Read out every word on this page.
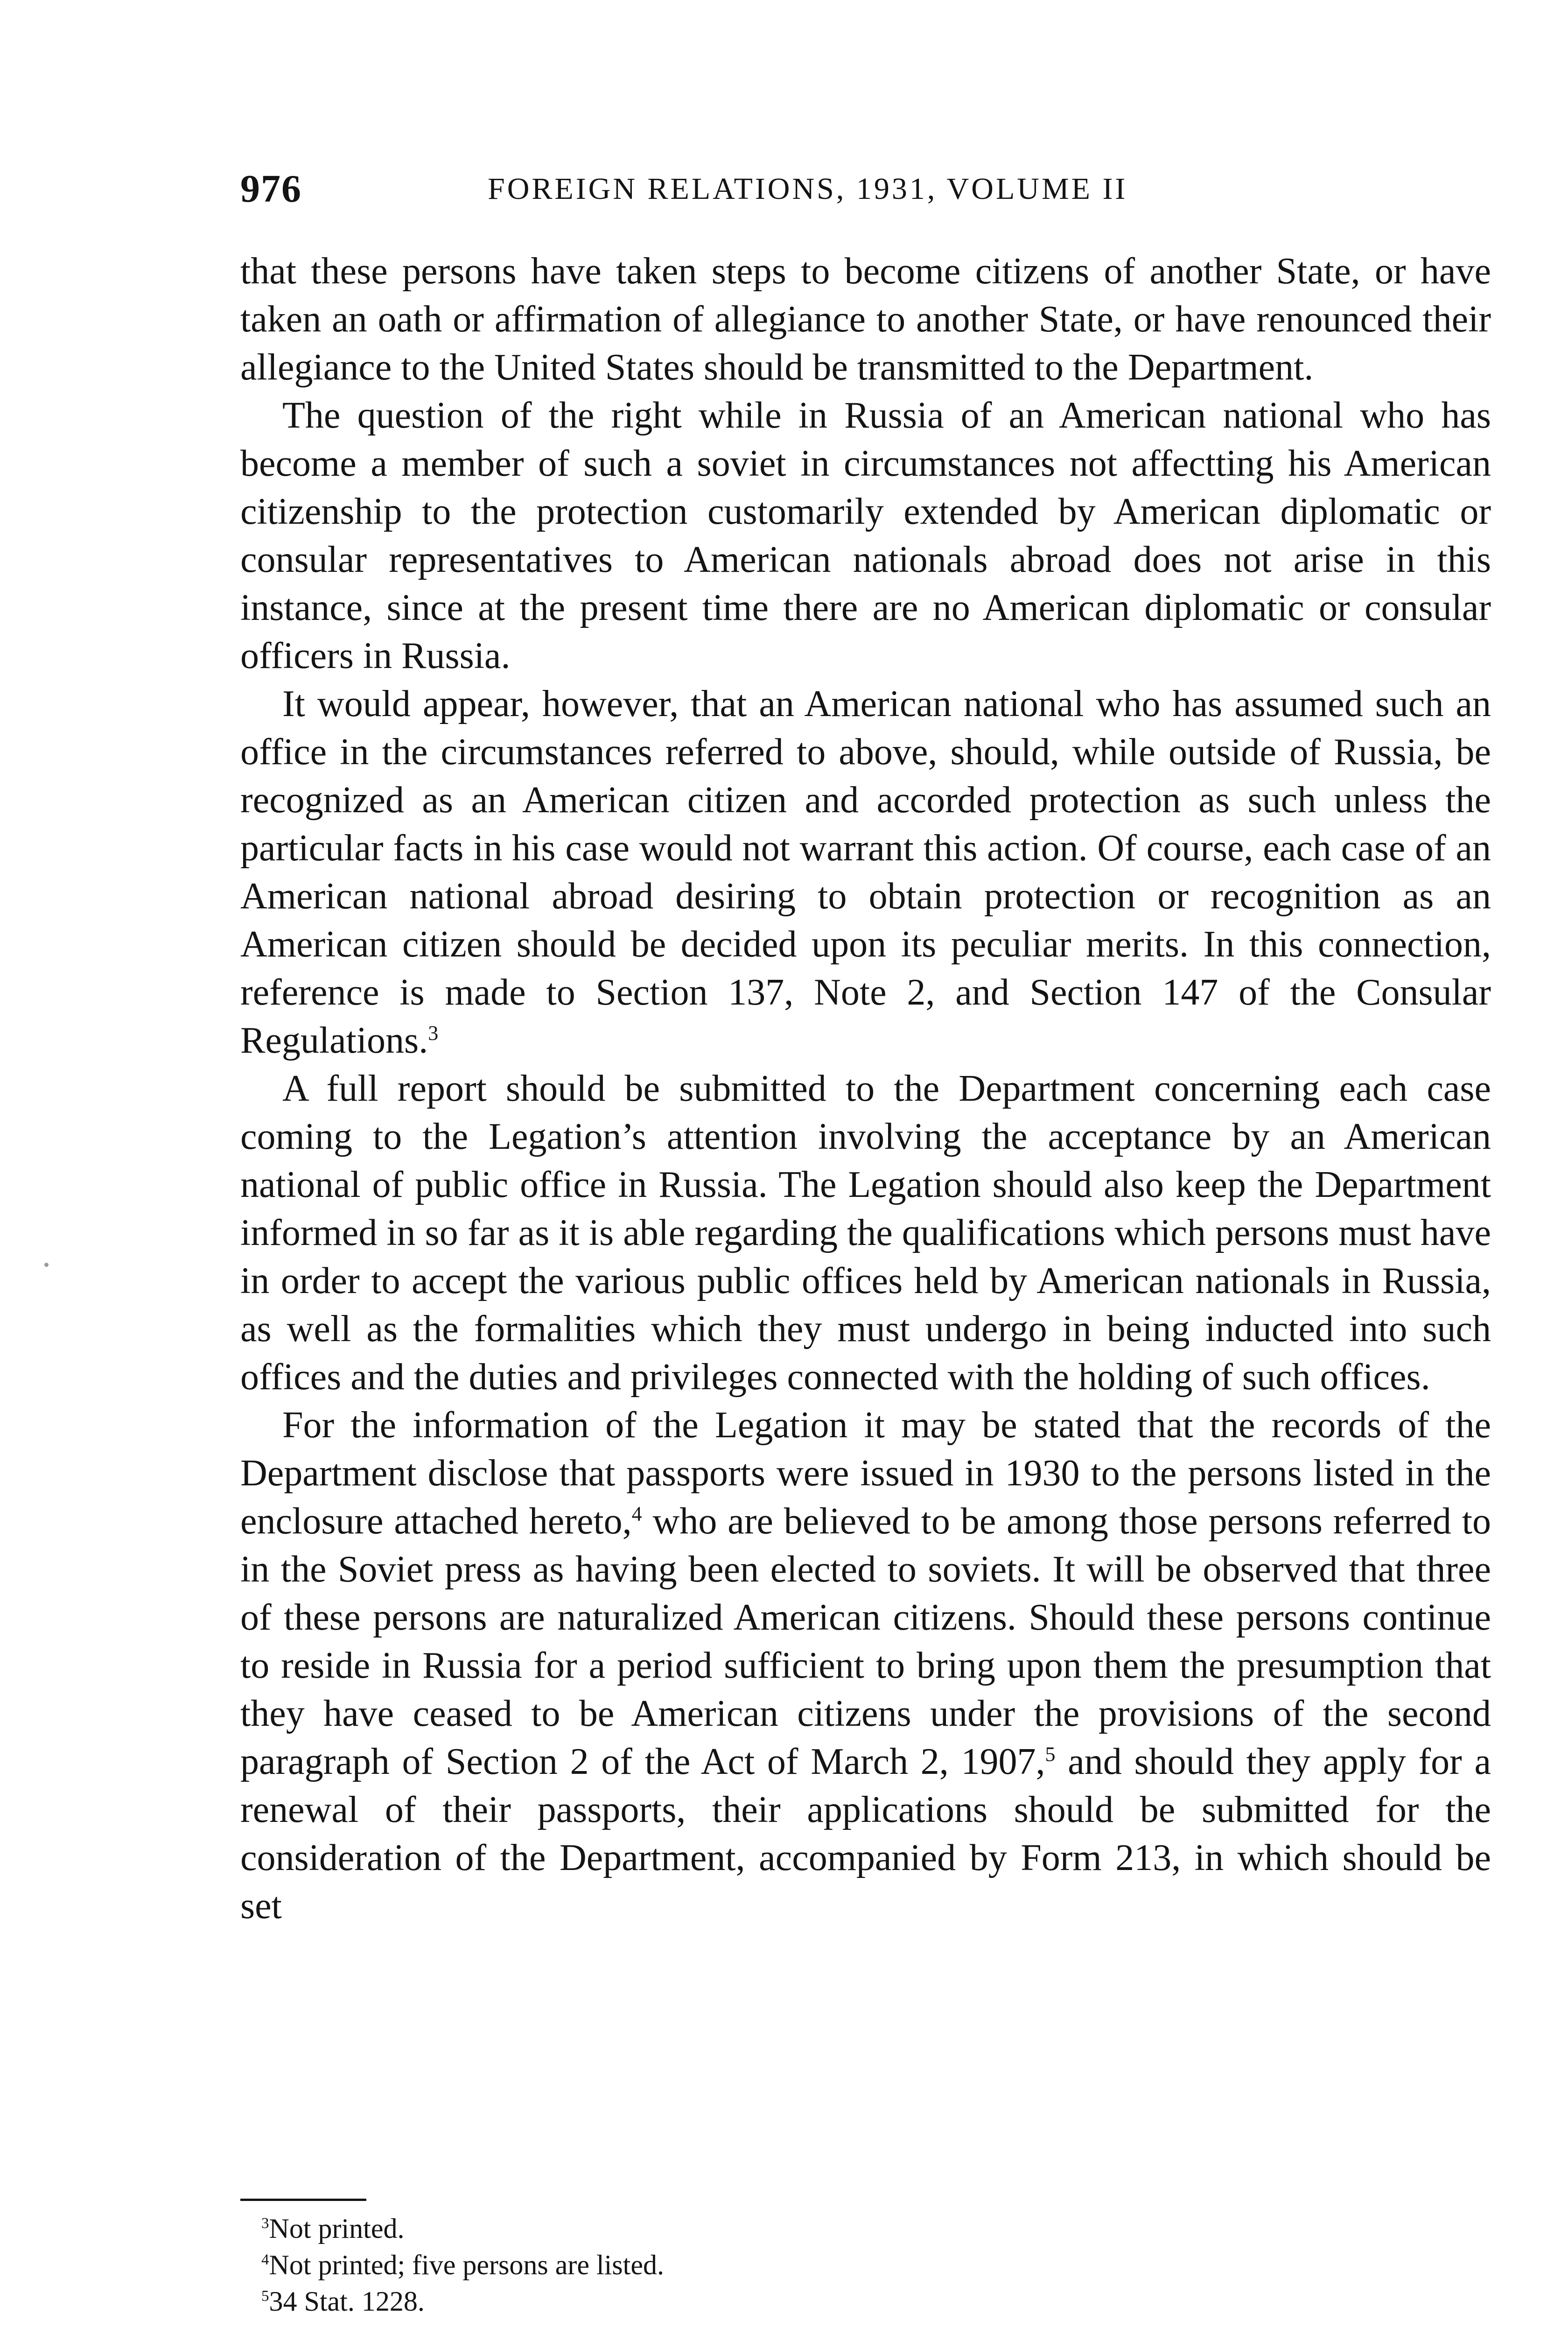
976	FOREIGN RELATIONS, 1931, VOLUME II

that these persons have taken steps to become citizens of another State, or have taken an oath or affirmation of allegiance to another State, or have renounced their allegiance to the United States should be transmitted to the Department.

The question of the right while in Russia of an American national who has become a member of such a soviet in circumstances not affectting his American citizenship to the protection customarily extended by American diplomatic or consular representatives to American nationals abroad does not arise in this instance, since at the present time there are no American diplomatic or consular officers in Russia.

It would appear, however, that an American national who has assumed such an office in the circumstances referred to above, should, while outside of Russia, be recognized as an American citizen and accorded protection as such unless the particular facts in his case would not warrant this action. Of course, each case of an American national abroad desiring to obtain protection or recognition as an American citizen should be decided upon its peculiar merits. In this connection, reference is made to Section 137, Note 2, and Section 147 of the Consular Regulations.$^3$

A full report should be submitted to the Department concerning each case coming to the Legation’s attention involving the acceptance by an American national of public office in Russia. The Legation should also keep the Department informed in so far as it is able regarding the qualifications which persons must have in order to accept the various public offices held by American nationals in Russia, as well as the formalities which they must undergo in being inducted into such offices and the duties and privileges connected with the holding of such offices.

For the information of the Legation it may be stated that the records of the Department disclose that passports were issued in 1930 to the persons listed in the enclosure attached hereto,$^4$ who are believed to be among those persons referred to in the Soviet press as having been elected to soviets. It will be observed that three of these persons are naturalized American citizens. Should these persons continue to reside in Russia for a period sufficient to bring upon them the presumption that they have ceased to be American citizens under the provisions of the second paragraph of Section 2 of the Act of March 2, 1907,$^5$ and should they apply for a renewal of their passports, their applications should be submitted for the consideration of the Department, accompanied by Form 213, in which should be set

$^3$Not printed.
$^4$Not printed; five persons are listed.
$^5$34 Stat. 1228.
